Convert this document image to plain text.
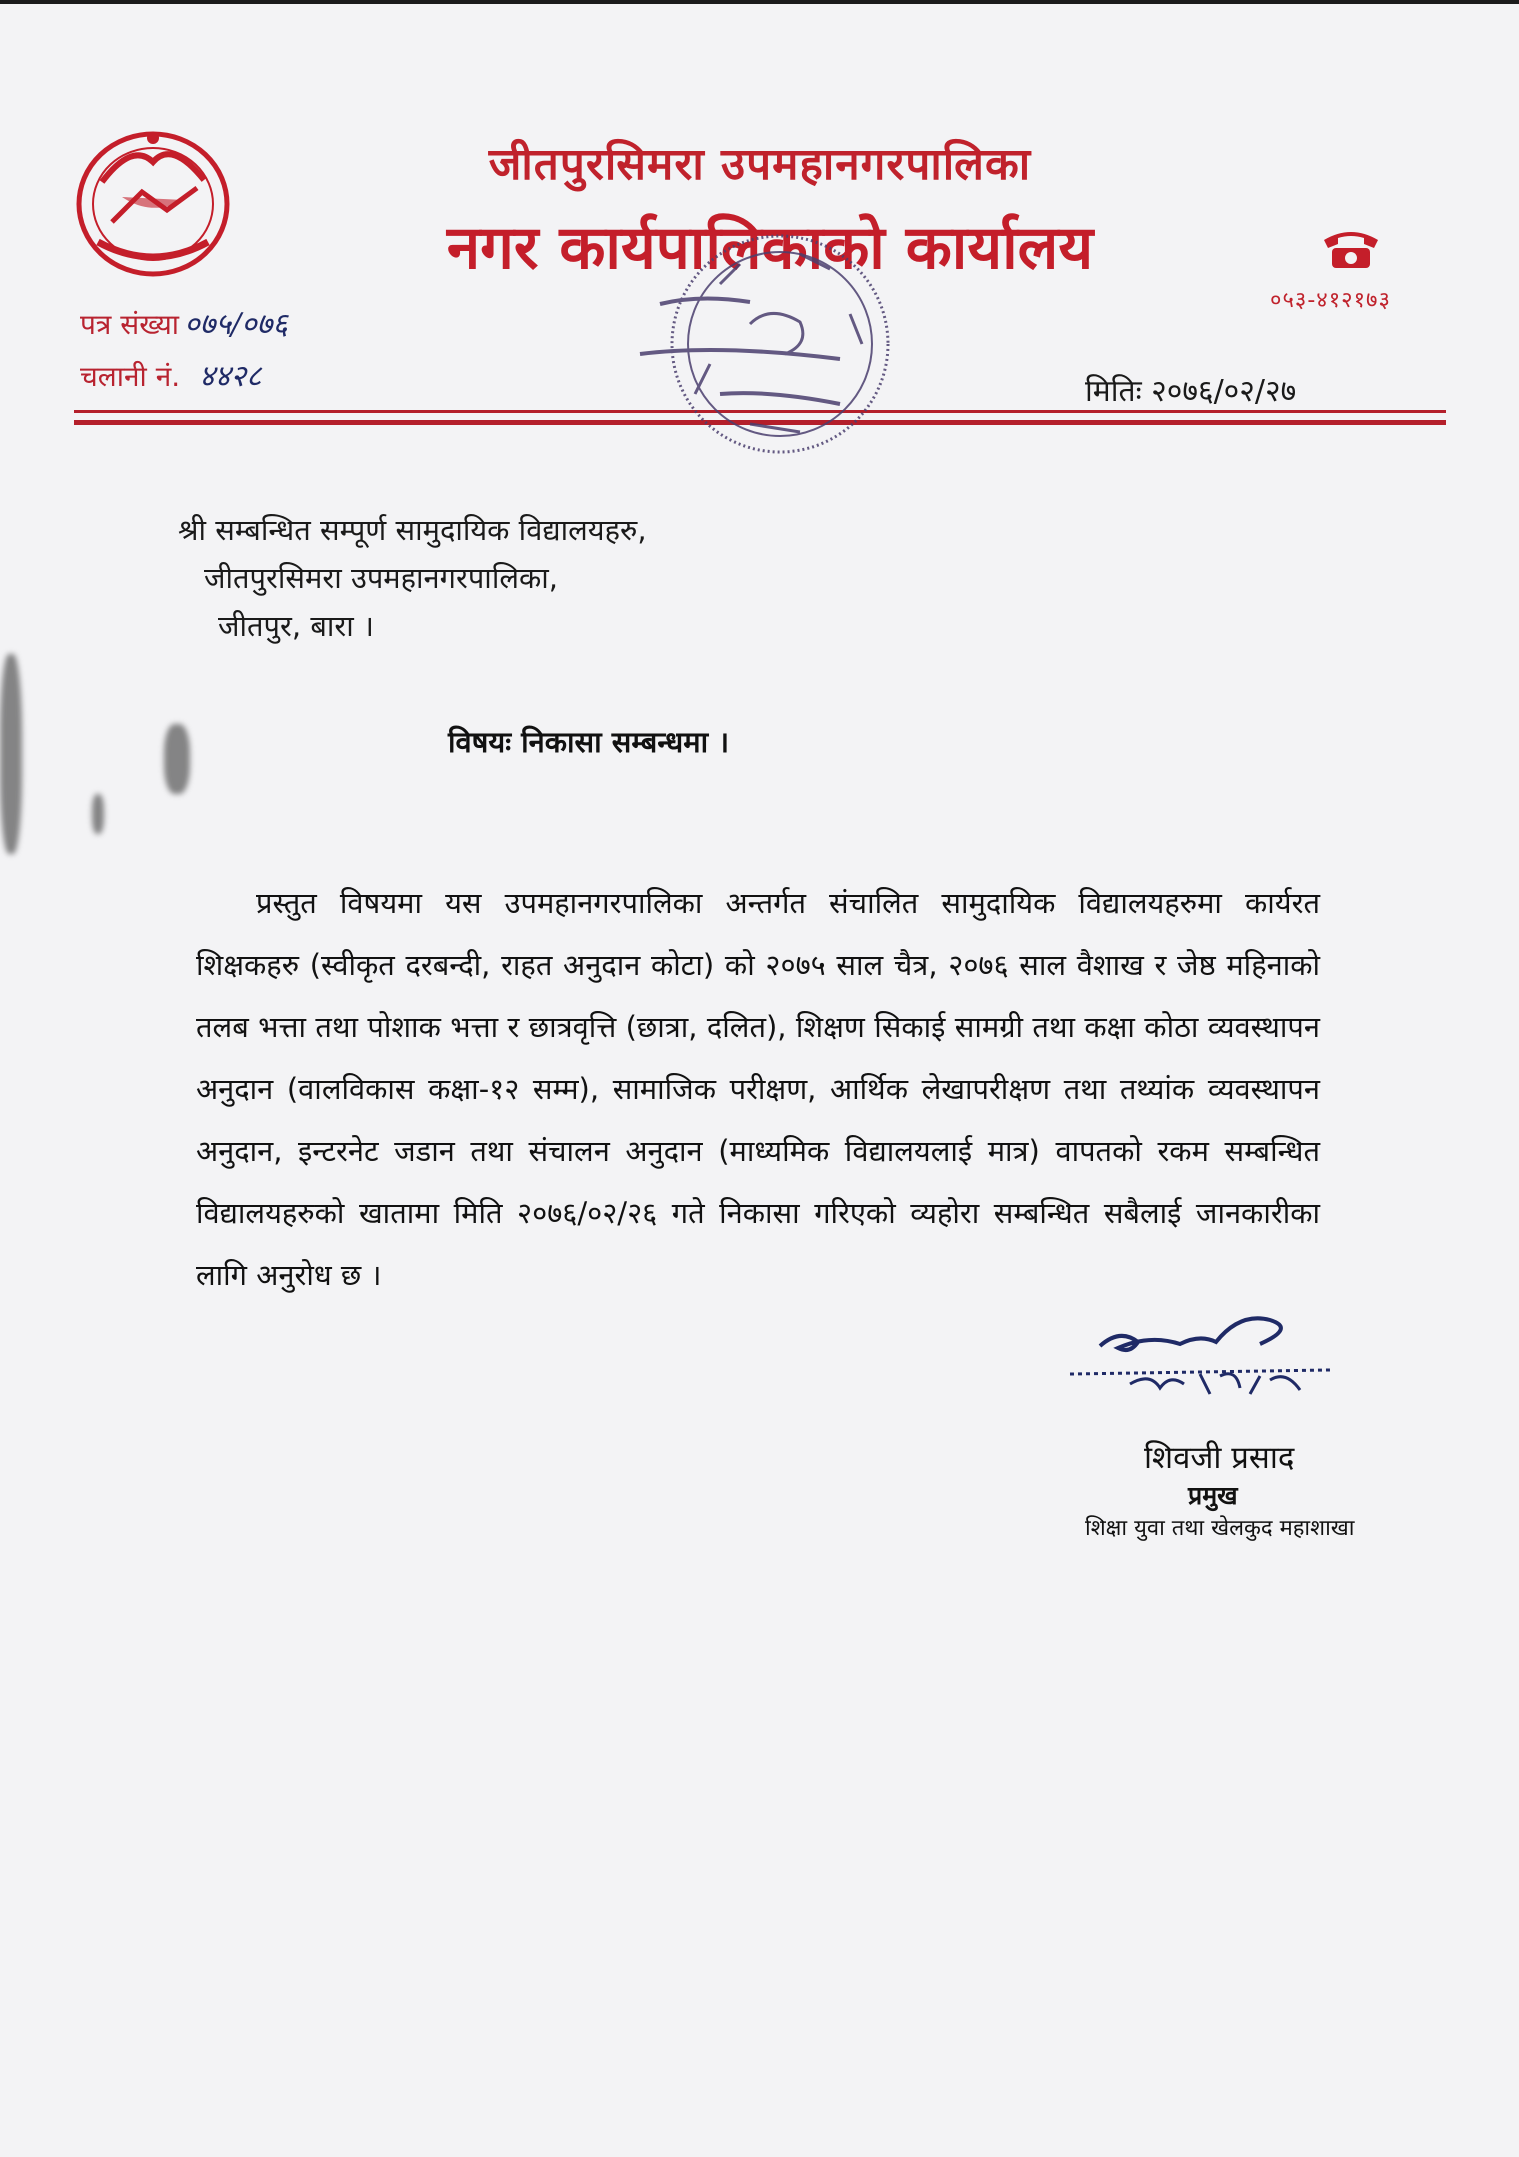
जीतपुरसिमरा उपमहानगरपालिका
नगर कार्यपालिकाको कार्यालय
०५३-४१२१७३
पत्र संख्या ०७५/०७६
चलानी नं. ४४२८	मितिः २०७६/०२/२७
श्री सम्बन्धित सम्पूर्ण सामुदायिक विद्यालयहरु,
जीतपुरसिमरा उपमहानगरपालिका,
जीतपुर, बारा ।
विषयः निकासा सम्बन्धमा ।
प्रस्तुत विषयमा यस उपमहानगरपालिका अन्तर्गत संचालित सामुदायिक विद्यालयहरुमा कार्यरत शिक्षकहरु (स्वीकृत दरबन्दी, राहत अनुदान कोटा) को २०७५ साल चैत्र, २०७६ साल वैशाख र जेष्ठ महिनाको तलब भत्ता तथा पोशाक भत्ता र छात्रवृत्ति (छात्रा, दलित), शिक्षण सिकाई सामग्री तथा कक्षा कोठा व्यवस्थापन अनुदान (वालविकास कक्षा-१२ सम्म), सामाजिक परीक्षण, आर्थिक लेखापरीक्षण तथा तथ्यांक व्यवस्थापन अनुदान, इन्टरनेट जडान तथा संचालन अनुदान (माध्यमिक विद्यालयलाई मात्र) वापतको रकम सम्बन्धित विद्यालयहरुको खातामा मिति २०७६/०२/२६ गते निकासा गरिएको व्यहोरा सम्बन्धित सबैलाई जानकारीका लागि अनुरोध छ ।
शिवजी प्रसाद
प्रमुख
शिक्षा युवा तथा खेलकुद महाशाखा
